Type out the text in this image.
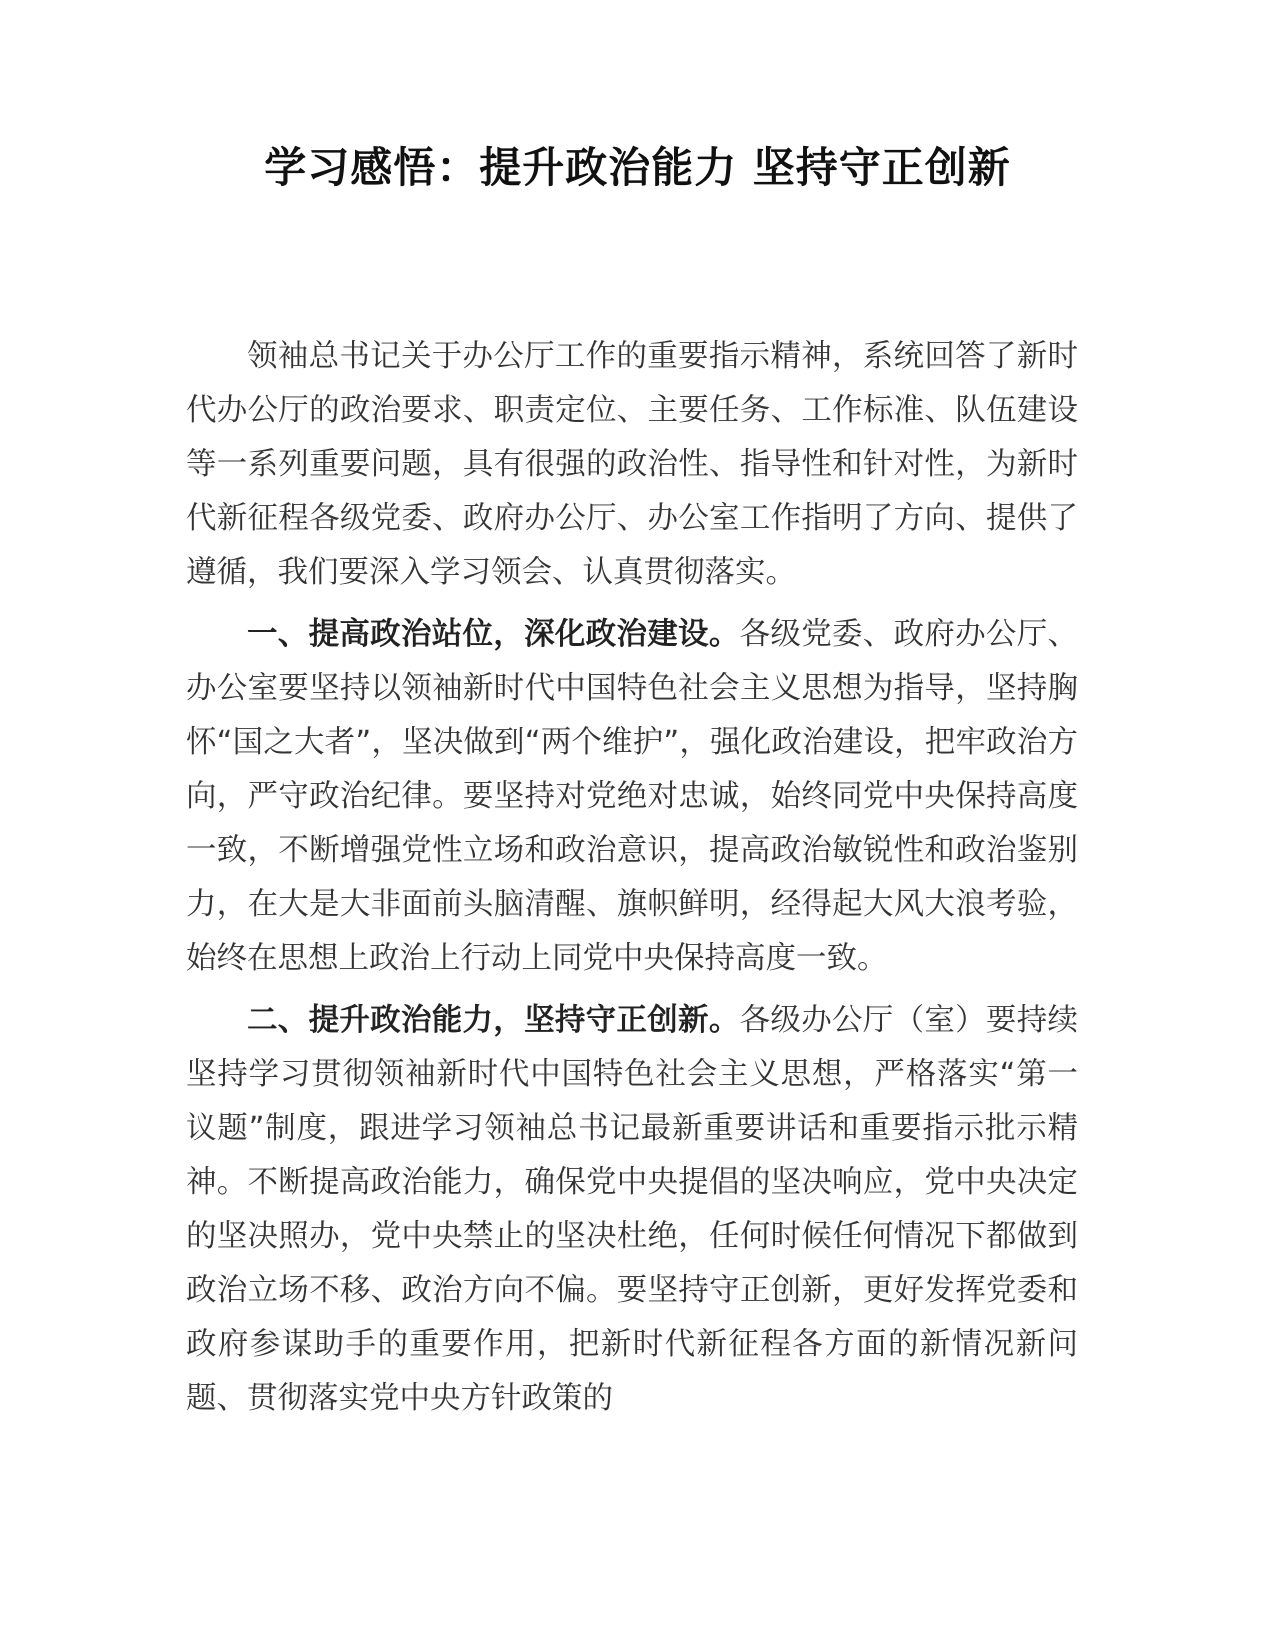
学习感悟：提升政治能力 坚持守正创新

领袖总书记关于办公厅工作的重要指示精神，系统回答了新时代办公厅的政治要求、职责定位、主要任务、工作标准、队伍建设等一系列重要问题，具有很强的政治性、指导性和针对性，为新时代新征程各级党委、政府办公厅、办公室工作指明了方向、提供了遵循，我们要深入学习领会、认真贯彻落实。

一、提高政治站位，深化政治建设。各级党委、政府办公厅、办公室要坚持以领袖新时代中国特色社会主义思想为指导，坚持胸怀“国之大者”，坚决做到“两个维护”，强化政治建设，把牢政治方向，严守政治纪律。要坚持对党绝对忠诚，始终同党中央保持高度一致，不断增强党性立场和政治意识，提高政治敏锐性和政治鉴别力，在大是大非面前头脑清醒、旗帜鲜明，经得起大风大浪考验，始终在思想上政治上行动上同党中央保持高度一致。

二、提升政治能力，坚持守正创新。各级办公厅（室）要持续坚持学习贯彻领袖新时代中国特色社会主义思想，严格落实“第一议题”制度，跟进学习领袖总书记最新重要讲话和重要指示批示精神。不断提高政治能力，确保党中央提倡的坚决响应，党中央决定的坚决照办，党中央禁止的坚决杜绝，任何时候任何情况下都做到政治立场不移、政治方向不偏。要坚持守正创新，更好发挥党委和政府参谋助手的重要作用，把新时代新征程各方面的新情况新问题、贯彻落实党中央方针政策的
